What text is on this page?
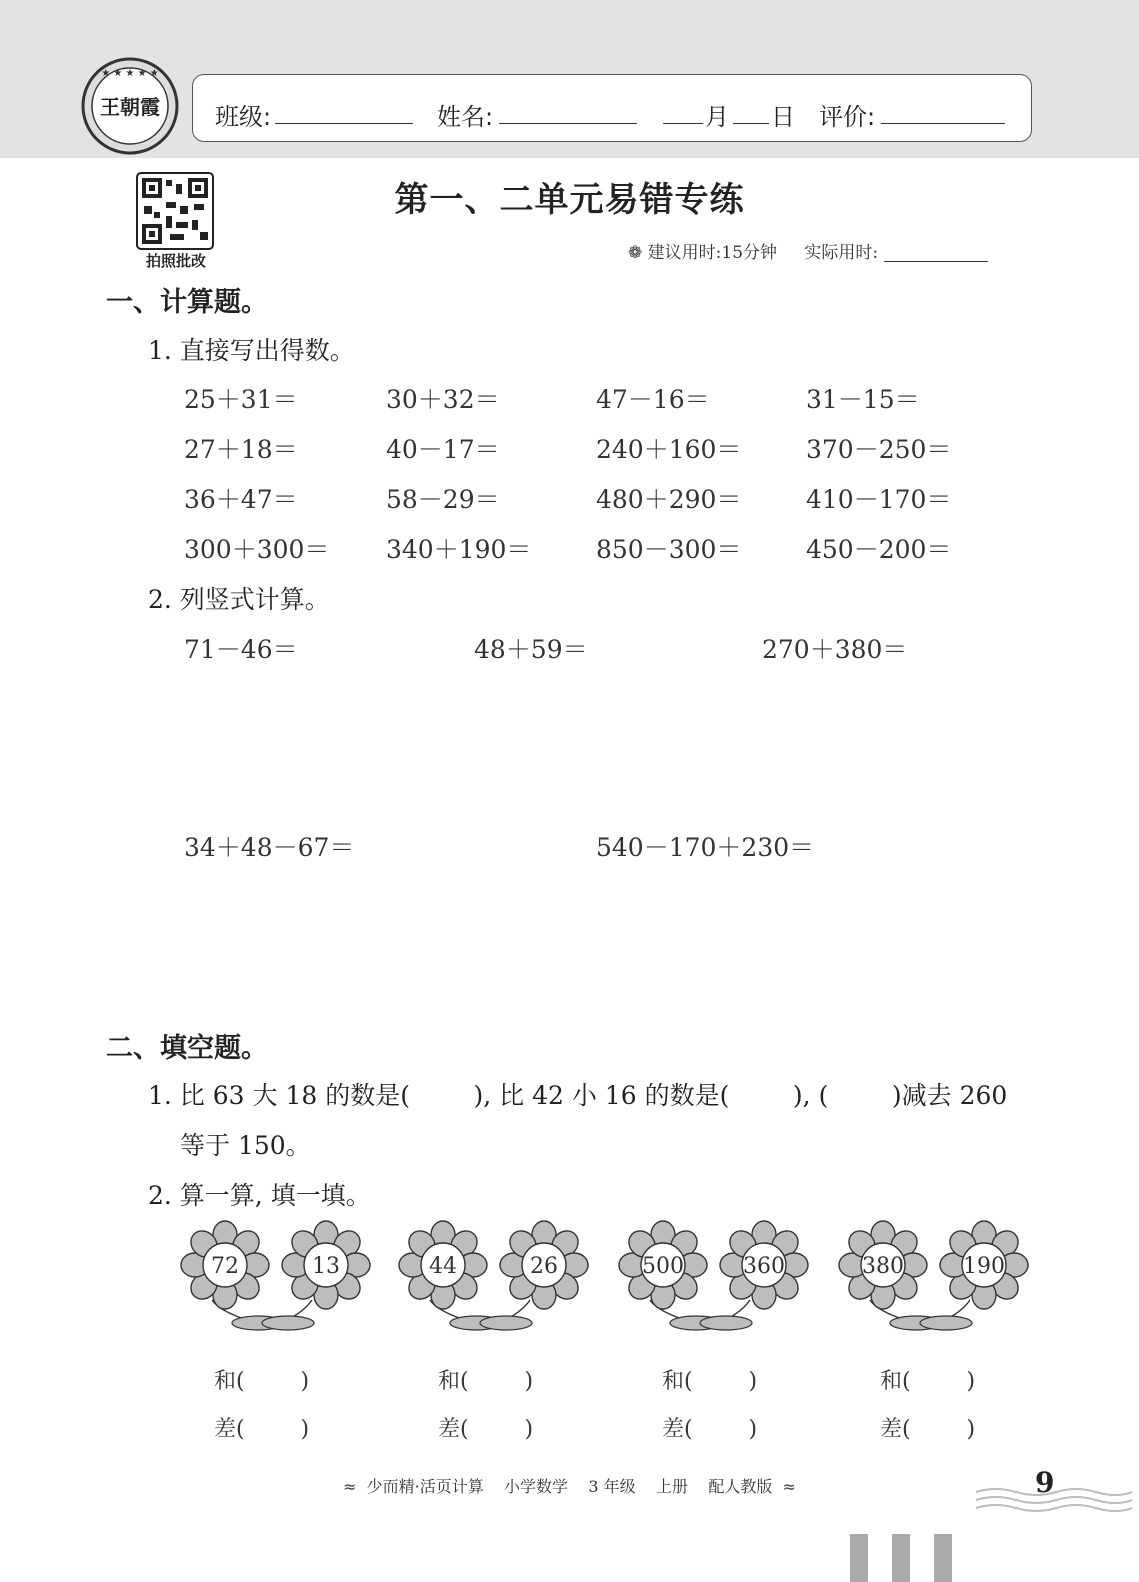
★ ★ ★ ★ ★
王朝霞 班级:	姓名:	月 日 评价:
拍照批改
第一、二单元易错专练
❁ 建议用时:15分钟 实际用时:
一、计算题。
1. 直接写出得数。
25＋31＝	30＋32＝	47－16＝	31－15＝
27＋18＝	40－17＝	240＋160＝	370－250＝
36＋47＝	58－29＝	480＋290＝	410－170＝
300＋300＝ 340＋190＝	850－300＝	450－200＝
2. 列竖式计算。
71－46＝	48＋59＝	270＋380＝
34＋48－67＝	540－170＋230＝
二、填空题。
1. 比 63 大 18 的数是(        ), 比 42 小 16 的数是(        ), (        )减去 260
等于 150。
2. 算一算, 填一填。
72	13	44	26	500	360	380	190
和(        )	和(        )	和(        )	和(        )
差(        )	差(        )	差(        )	差(        )
≈  少而精·活页计算    小学数学    3 年级    上册    配人教版  ≈	9
